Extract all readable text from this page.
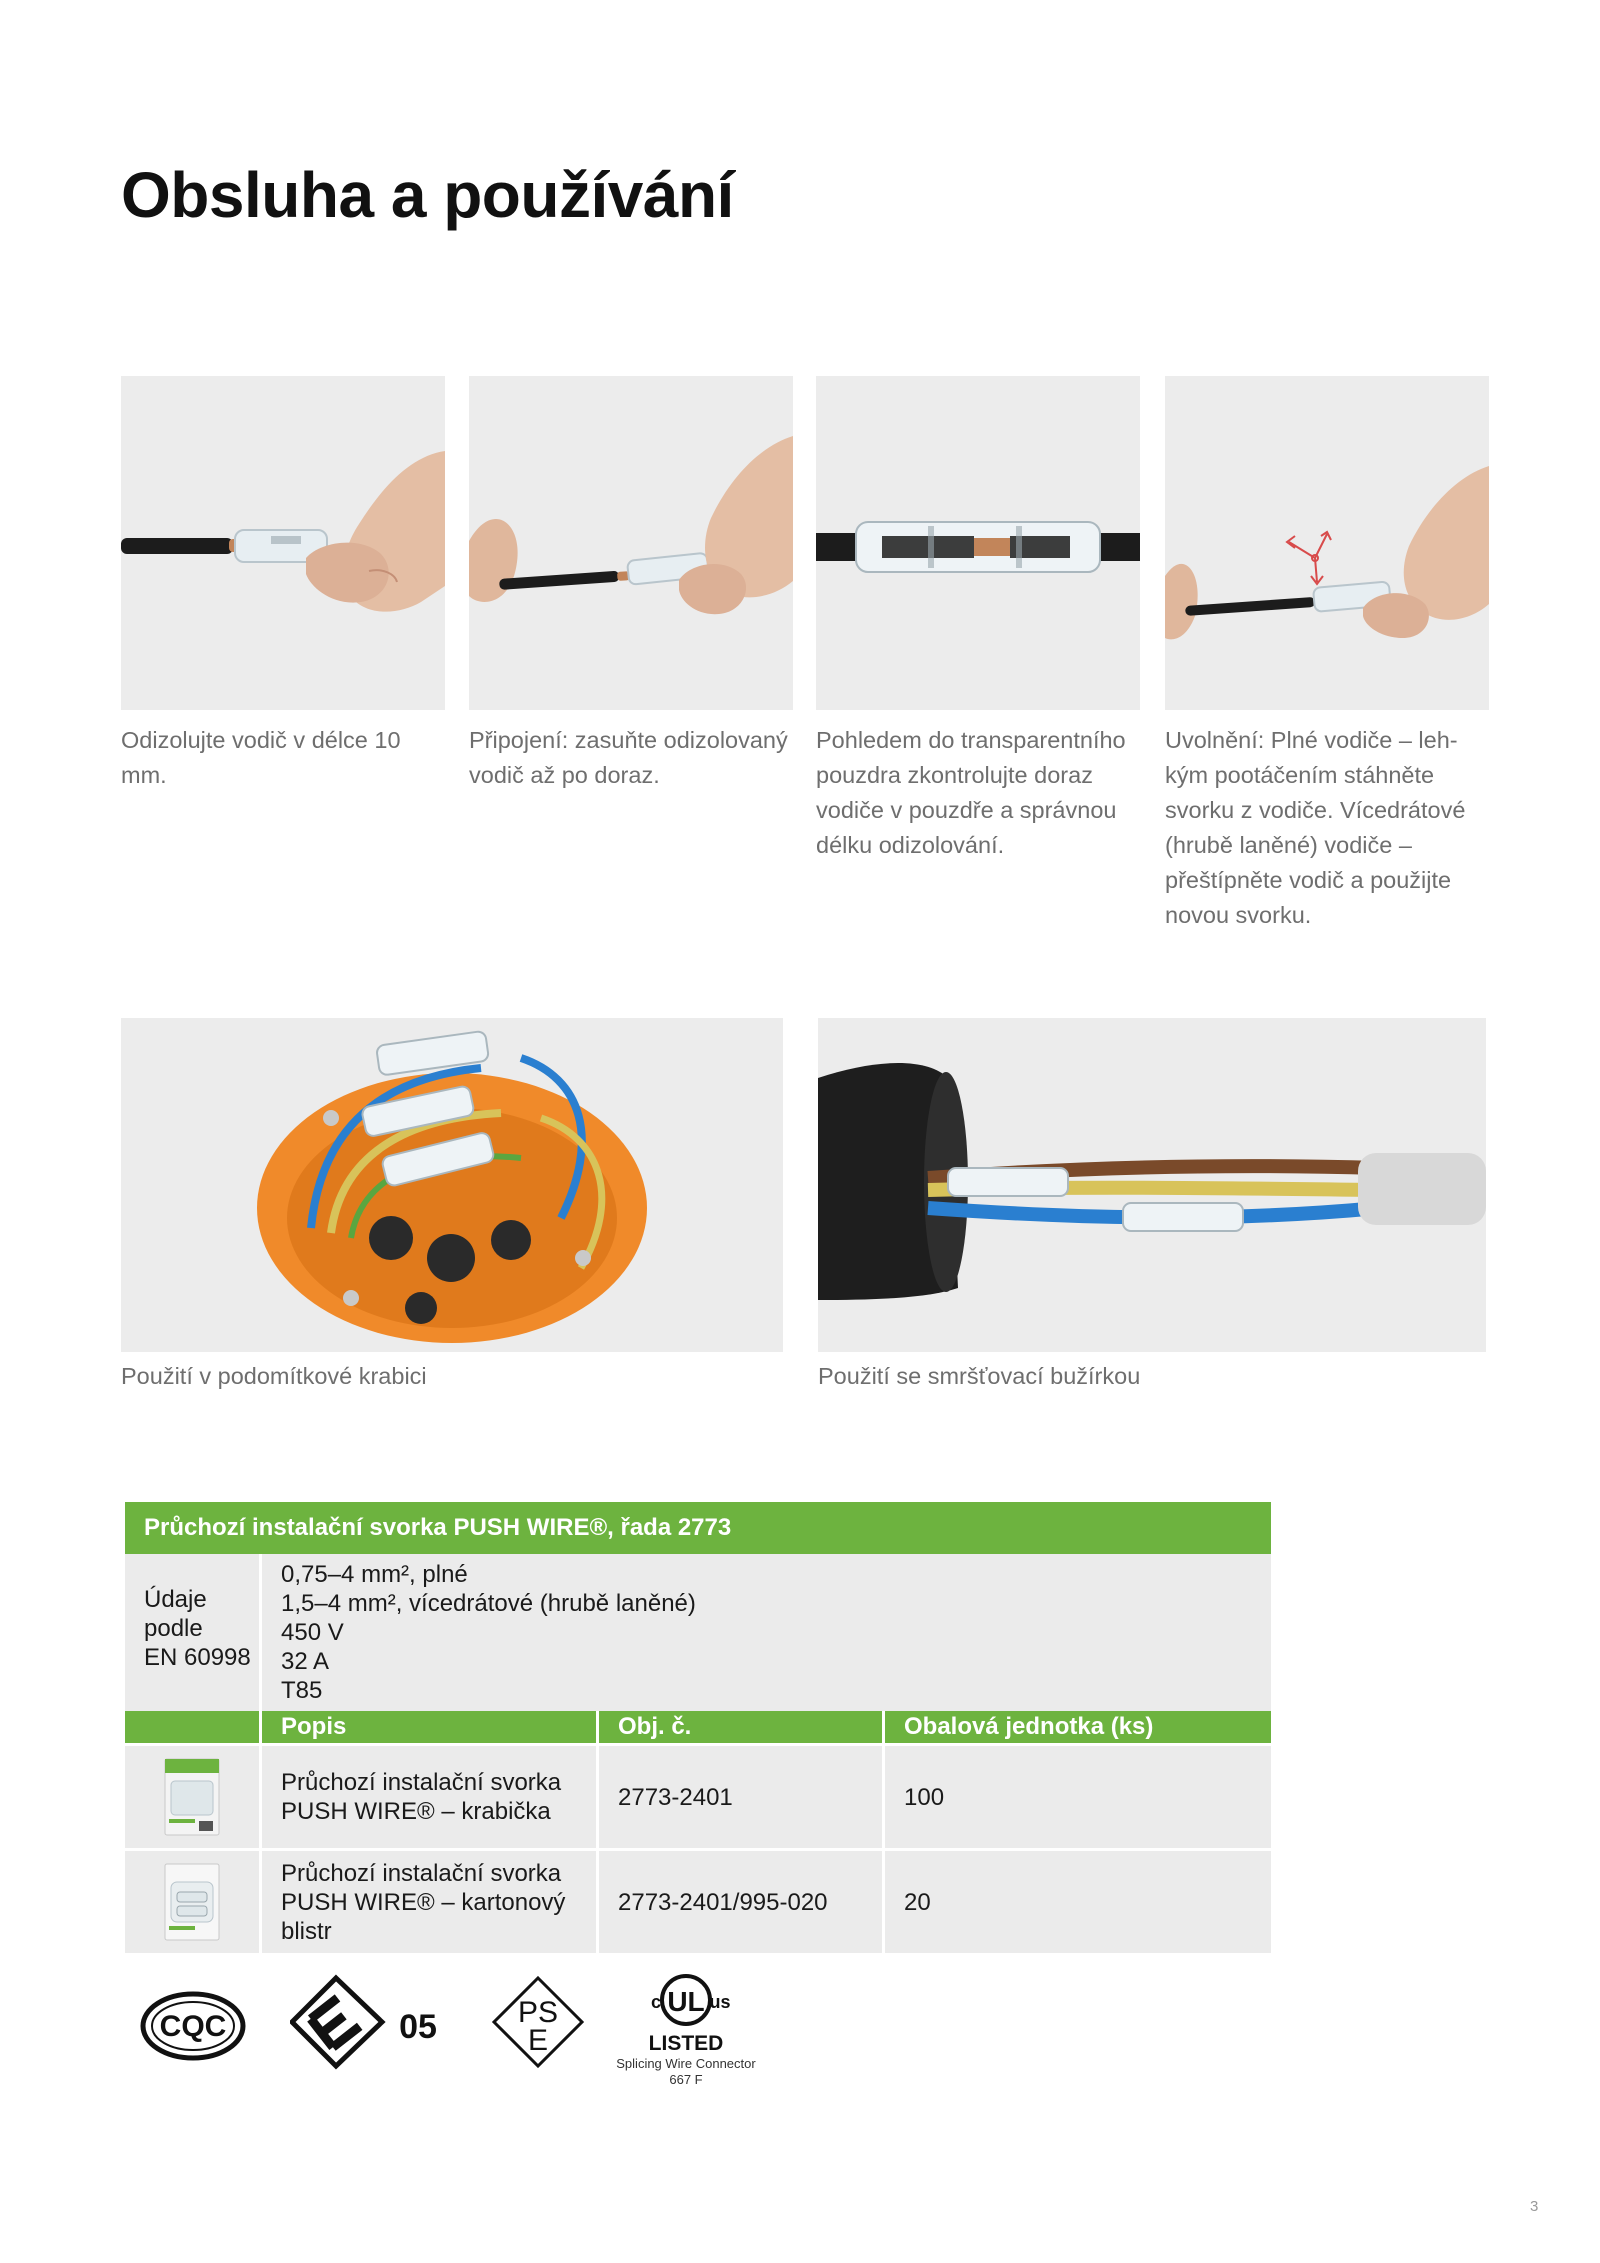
Obsluha a používání

Odizolujte vodič v délce 10 mm.

Připojení: zasuňte odizolovaný vodič až po doraz.

Pohledem do transparentního pouzdra zkontrolujte doraz vodiče v pouzdře a správnou délku odizolování.

Uvolnění: Plné vodiče – lehkým pootáčením stáhněte svorku z vodiče. Vícedrátové (hrubě laněné) vodiče – přeštípněte vodič a použijte novou svorku.

Použití v podomítkové krabici	Použití se smršťovací bužírkou

Průchozí instalační svorka PUSH WIRE®, řada 2773
Údaje
podle
EN 60998
0,75–4 mm², plné
1,5–4 mm², vícedrátové (hrubě laněné)
450 V
32 A
T85
Popis	Obj. č.	Obalová jednotka (ks)
Průchozí instalační svorka
PUSH WIRE® – krabička
2773-2401	100
Průchozí instalační svorka
PUSH WIRE® – kartonový
blistr
2773-2401/995-020	20
CQC	05	PS
E
c UL us
LISTED
Splicing Wire Connector
667 F
3
